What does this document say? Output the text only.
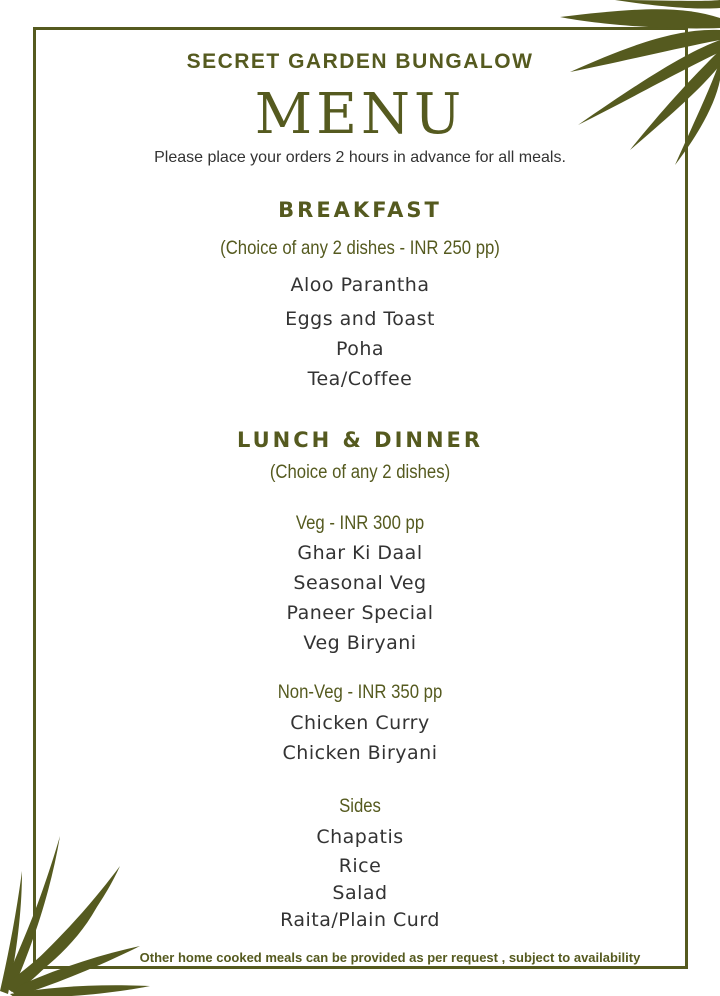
SECRET GARDEN BUNGALOW
MENU
Please place your orders 2 hours in advance for all meals.
BREAKFAST
(Choice of any 2 dishes - INR 250 pp)
Aloo Parantha
Eggs and Toast
Poha
Tea/Coffee
LUNCH & DINNER
(Choice of any 2 dishes)
Veg - INR 300 pp
Ghar Ki Daal
Seasonal Veg
Paneer Special
Veg Biryani
Non-Veg - INR 350 pp
Chicken Curry
Chicken Biryani
Sides
Chapatis
Rice
Salad
Raita/Plain Curd
Other home cooked meals can be provided as per request , subject to availability
